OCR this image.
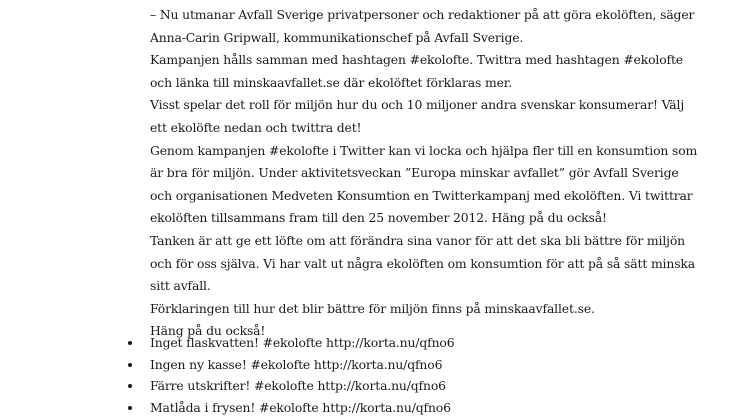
– Nu utmanar Avfall Sverige privatpersoner och redaktioner på att göra ekolöften, säger Anna-Carin Gripwall, kommunikationschef på Avfall Sverige.

Kampanjen hålls samman med hashtagen #ekolofte. Twittra med hashtagen #ekolofte och länka till minskaavfallet.se där ekolöftet förklaras mer.

Visst spelar det roll för miljön hur du och 10 miljoner andra svenskar konsumerar! Välj ett ekolöfte nedan och twittra det!

Genom kampanjen #ekolofte i Twitter kan vi locka och hjälpa fler till en konsumtion som är bra för miljön. Under aktivitetsveckan ”Europa minskar avfallet” gör Avfall Sverige och organisationen Medveten Konsumtion en Twitterkampanj med ekolöften. Vi twittrar ekolöften tillsammans fram till den 25 november 2012. Häng på du också!

Tanken är att ge ett löfte om att förändra sina vanor för att det ska bli bättre för miljön och för oss själva. Vi har valt ut några ekolöften om konsumtion för att på så sätt minska sitt avfall.

Förklaringen till hur det blir bättre för miljön finns på minskaavfallet.se.

Häng på du också!

Inget flaskvatten! #ekolofte http://korta.nu/qfno6
Ingen ny kasse! #ekolofte http://korta.nu/qfno6
Färre utskrifter! #ekolofte http://korta.nu/qfno6
Matlåda i frysen! #ekolofte http://korta.nu/qfno6
